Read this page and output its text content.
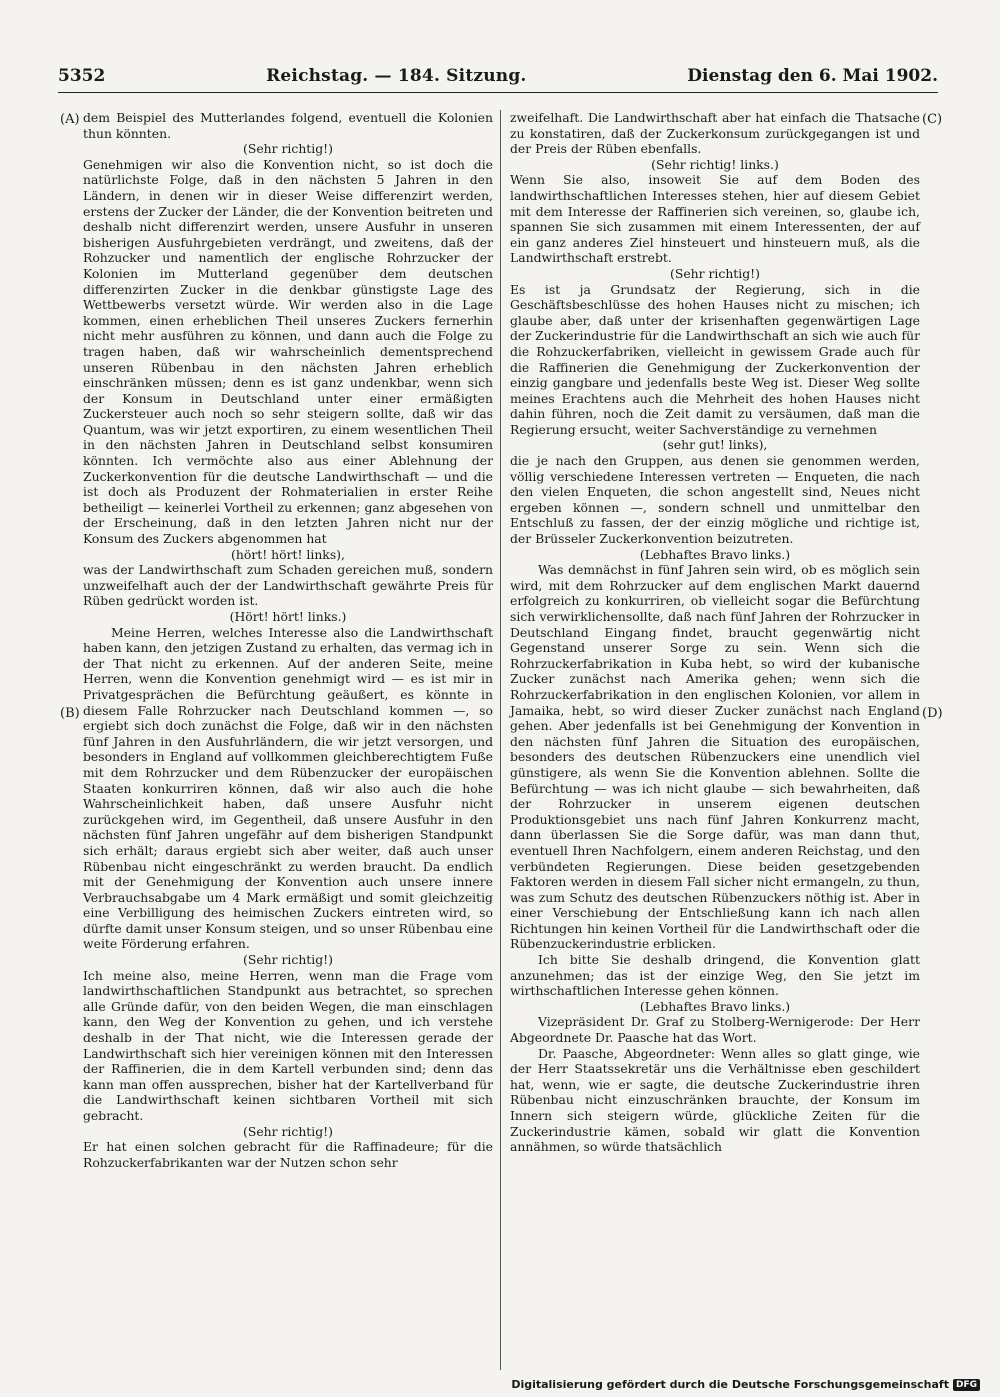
5352	Reichstag. — 184. Sitzung.	Dienstag den 6. Mai 1902.
(A)
(B)
(C)
(D)

dem Beispiel des Mutterlandes folgend, eventuell die Kolonien thun könnten.

(Sehr richtig!)

Genehmigen wir also die Konvention nicht, so ist doch die natürlichste Folge, daß in den nächsten 5 Jahren in den Ländern, in denen wir in dieser Weise differenzirt werden, erstens der Zucker der Länder, die der Konvention beitreten und deshalb nicht differenzirt werden, unsere Ausfuhr in unseren bisherigen Ausfuhrgebieten verdrängt, und zweitens, daß der Rohzucker und namentlich der englische Rohrzucker der Kolonien im Mutterland gegenüber dem deutschen differenzirten Zucker in die denkbar günstigste Lage des Wettbewerbs versetzt würde. Wir werden also in die Lage kommen, einen erheblichen Theil unseres Zuckers fernerhin nicht mehr ausführen zu können, und dann auch die Folge zu tragen haben, daß wir wahrscheinlich dementsprechend unseren Rübenbau in den nächsten Jahren erheblich einschränken müssen; denn es ist ganz undenkbar, wenn sich der Konsum in Deutschland unter einer ermäßigten Zuckersteuer auch noch so sehr steigern sollte, daß wir das Quantum, was wir jetzt exportiren, zu einem wesentlichen Theil in den nächsten Jahren in Deutschland selbst konsumiren könnten. Ich vermöchte also aus einer Ablehnung der Zuckerkonvention für die deutsche Landwirthschaft — und die ist doch als Produzent der Rohmaterialien in erster Reihe betheiligt — keinerlei Vortheil zu erkennen; ganz abgesehen von der Erscheinung, daß in den letzten Jahren nicht nur der Konsum des Zuckers abgenommen hat

(hört! hört! links),

was der Landwirthschaft zum Schaden gereichen muß, sondern unzweifelhaft auch der der Landwirthschaft gewährte Preis für Rüben gedrückt worden ist.

(Hört! hört! links.)

Meine Herren, welches Interesse also die Landwirthschaft haben kann, den jetzigen Zustand zu erhalten, das vermag ich in der That nicht zu erkennen. Auf der anderen Seite, meine Herren, wenn die Konvention genehmigt wird — es ist mir in Privatgesprächen die Befürchtung geäußert, es könnte in diesem Falle Rohrzucker nach Deutschland kommen —, so ergiebt sich doch zunächst die Folge, daß wir in den nächsten fünf Jahren in den Ausfuhrländern, die wir jetzt versorgen, und besonders in England auf vollkommen gleichberechtigtem Fuße mit dem Rohrzucker und dem Rübenzucker der europäischen Staaten konkurriren können, daß wir also auch die hohe Wahrscheinlichkeit haben, daß unsere Ausfuhr nicht zurückgehen wird, im Gegentheil, daß unsere Ausfuhr in den nächsten fünf Jahren ungefähr auf dem bisherigen Standpunkt sich erhält; daraus ergiebt sich aber weiter, daß auch unser Rübenbau nicht eingeschränkt zu werden braucht. Da endlich mit der Genehmigung der Konvention auch unsere innere Verbrauchsabgabe um 4 Mark ermäßigt und somit gleichzeitig eine Verbilligung des heimischen Zuckers eintreten wird, so dürfte damit unser Konsum steigen, und so unser Rübenbau eine weite Förderung erfahren.

(Sehr richtig!)

Ich meine also, meine Herren, wenn man die Frage vom landwirthschaftlichen Standpunkt aus betrachtet, so sprechen alle Gründe dafür, von den beiden Wegen, die man einschlagen kann, den Weg der Konvention zu gehen, und ich verstehe deshalb in der That nicht, wie die Interessen gerade der Landwirthschaft sich hier vereinigen können mit den Interessen der Raffinerien, die in dem Kartell verbunden sind; denn das kann man offen aussprechen, bisher hat der Kartellverband für die Landwirthschaft keinen sichtbaren Vortheil mit sich gebracht.

(Sehr richtig!)

Er hat einen solchen gebracht für die Raffinadeure; für die Rohzuckerfabrikanten war der Nutzen schon sehr

zweifelhaft. Die Landwirthschaft aber hat einfach die Thatsache zu konstatiren, daß der Zuckerkonsum zurückgegangen ist und der Preis der Rüben ebenfalls.

(Sehr richtig! links.)

Wenn Sie also, insoweit Sie auf dem Boden des landwirthschaftlichen Interesses stehen, hier auf diesem Gebiet mit dem Interesse der Raffinerien sich vereinen, so, glaube ich, spannen Sie sich zusammen mit einem Interessenten, der auf ein ganz anderes Ziel hinsteuert und hinsteuern muß, als die Landwirthschaft erstrebt.

(Sehr richtig!)

Es ist ja Grundsatz der Regierung, sich in die Geschäftsbeschlüsse des hohen Hauses nicht zu mischen; ich glaube aber, daß unter der krisenhaften gegenwärtigen Lage der Zuckerindustrie für die Landwirthschaft an sich wie auch für die Rohzuckerfabriken, vielleicht in gewissem Grade auch für die Raffinerien die Genehmigung der Zuckerkonvention der einzig gangbare und jedenfalls beste Weg ist. Dieser Weg sollte meines Erachtens auch die Mehrheit des hohen Hauses nicht dahin führen, noch die Zeit damit zu versäumen, daß man die Regierung ersucht, weiter Sachverständige zu vernehmen

(sehr gut! links),

die je nach den Gruppen, aus denen sie genommen werden, völlig verschiedene Interessen vertreten — Enqueten, die nach den vielen Enqueten, die schon angestellt sind, Neues nicht ergeben können —, sondern schnell und unmittelbar den Entschluß zu fassen, der der einzig mögliche und richtige ist, der Brüsseler Zuckerkonvention beizutreten.

(Lebhaftes Bravo links.)

Was demnächst in fünf Jahren sein wird, ob es möglich sein wird, mit dem Rohrzucker auf dem englischen Markt dauernd erfolgreich zu konkurriren, ob vielleicht sogar die Befürchtung sich verwirklichensollte, daß nach fünf Jahren der Rohrzucker in Deutschland Eingang findet, braucht gegenwärtig nicht Gegenstand unserer Sorge zu sein. Wenn sich die Rohrzuckerfabrikation in Kuba hebt, so wird der kubanische Zucker zunächst nach Amerika gehen; wenn sich die Rohrzuckerfabrikation in den englischen Kolonien, vor allem in Jamaika, hebt, so wird dieser Zucker zunächst nach England gehen. Aber jedenfalls ist bei Genehmigung der Konvention in den nächsten fünf Jahren die Situation des europäischen, besonders des deutschen Rübenzuckers eine unendlich viel günstigere, als wenn Sie die Konvention ablehnen. Sollte die Befürchtung — was ich nicht glaube — sich bewahrheiten, daß der Rohrzucker in unserem eigenen deutschen Produktionsgebiet uns nach fünf Jahren Konkurrenz macht, dann überlassen Sie die Sorge dafür, was man dann thut, eventuell Ihren Nachfolgern, einem anderen Reichstag, und den verbündeten Regierungen. Diese beiden gesetzgebenden Faktoren werden in diesem Fall sicher nicht ermangeln, zu thun, was zum Schutz des deutschen Rübenzuckers nöthig ist. Aber in einer Verschiebung der Entschließung kann ich nach allen Richtungen hin keinen Vortheil für die Landwirthschaft oder die Rübenzuckerindustrie erblicken.

Ich bitte Sie deshalb dringend, die Konvention glatt anzunehmen; das ist der einzige Weg, den Sie jetzt im wirthschaftlichen Interesse gehen können.

(Lebhaftes Bravo links.)

Vizepräsident Dr. Graf zu Stolberg-Wernigerode: Der Herr Abgeordnete Dr. Paasche hat das Wort.

Dr. Paasche, Abgeordneter: Wenn alles so glatt ginge, wie der Herr Staatssekretär uns die Verhältnisse eben geschildert hat, wenn, wie er sagte, die deutsche Zuckerindustrie ihren Rübenbau nicht einzuschränken brauchte, der Konsum im Innern sich steigern würde, glückliche Zeiten für die Zuckerindustrie kämen, sobald wir glatt die Konvention annähmen, so würde thatsächlich

Digitalisierung gefördert durch die Deutsche Forschungsgemeinschaft DFG
